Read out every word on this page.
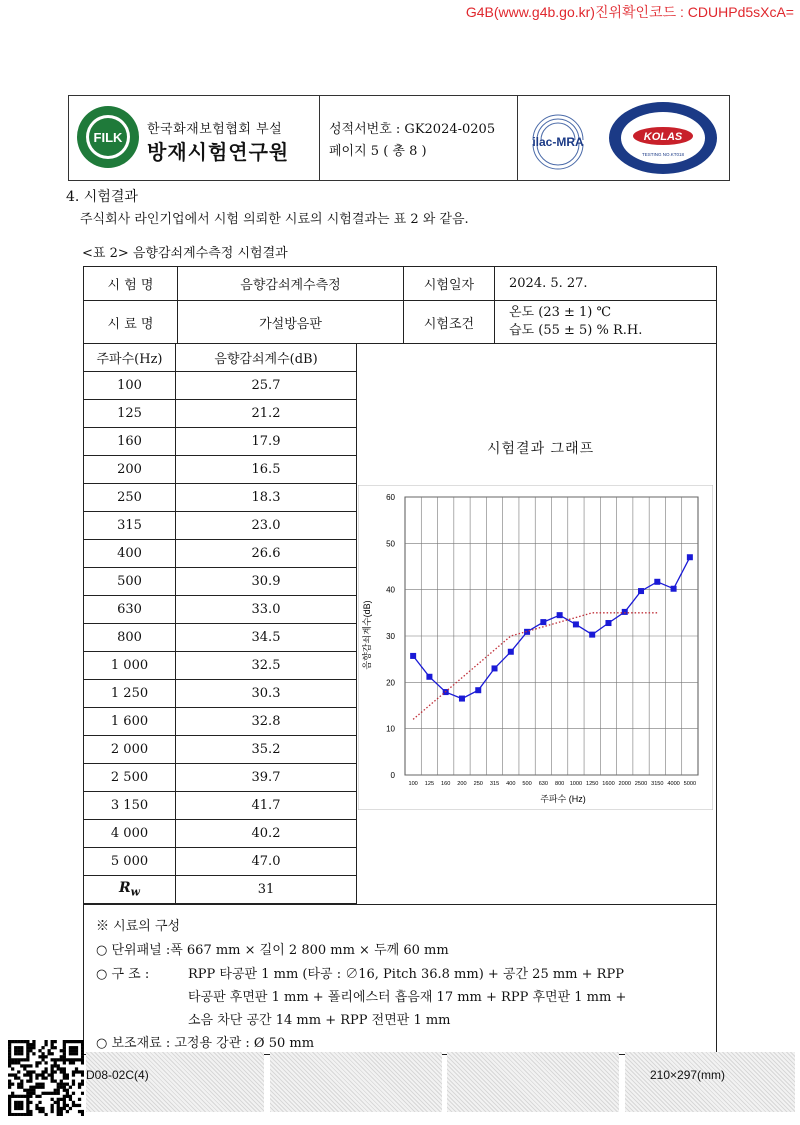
G4B(www.g4b.go.kr)진위확인코드 : CDUHPd5sXcA=
FILK
한국화재보험협회 부설
방재시험연구원
성적서번호 : GK2024-0205
페이지 5 ( 총 8 )
ilac-MRA	KOLAS
TESTING NO.KT018
4. 시험결과
주식회사 라인기업에서 시험 의뢰한 시료의 시험결과는 표 2 와 같음.
<표 2> 음향감쇠계수측정 시험결과
시 험 명	음향감쇠계수측정	시험일자	2024. 5. 27.
시 료 명	가설방음판	시험조건	온도 (23 ± 1) ℃
습도 (55 ± 5) % R.H.
주파수(Hz)	음향감쇠계수(dB)
100	25.7
125	21.2
160	17.9
200	16.5
250	18.3
315	23.0
400	26.6
500	30.9
630	33.0
800	34.5
1 000	32.5
1 250	30.3
1 600	32.8
2 000	35.2
2 500	39.7
3 150	41.7
4 000	40.2
5 000	47.0
$R_w$	31
시험결과 그래프
0
10
20
30
40
50
60
100 125 160 200 250 315 400 500 630 800 1000 1250 1600 2000 2500 3150 4000 5000
주파수 (Hz)
음향감쇠계수(dB)
※ 시료의 구성
○ 단위패널 :폭 667 mm × 길이 2 800 mm × 두께 60 mm
○ 구 조 :	RPP 타공판 1 mm (타공 : ∅16, Pitch 36.8 mm) + 공간 25 mm + RPP
타공판 후면판 1 mm + 폴리에스터 흡음재 17 mm + RPP 후면판 1 mm +
소음 차단 공간 14 mm + RPP 전면판 1 mm
○ 보조재료 : 고정용 강관 : Ø 50 mm
D08-02C(4)	210×297(mm)
